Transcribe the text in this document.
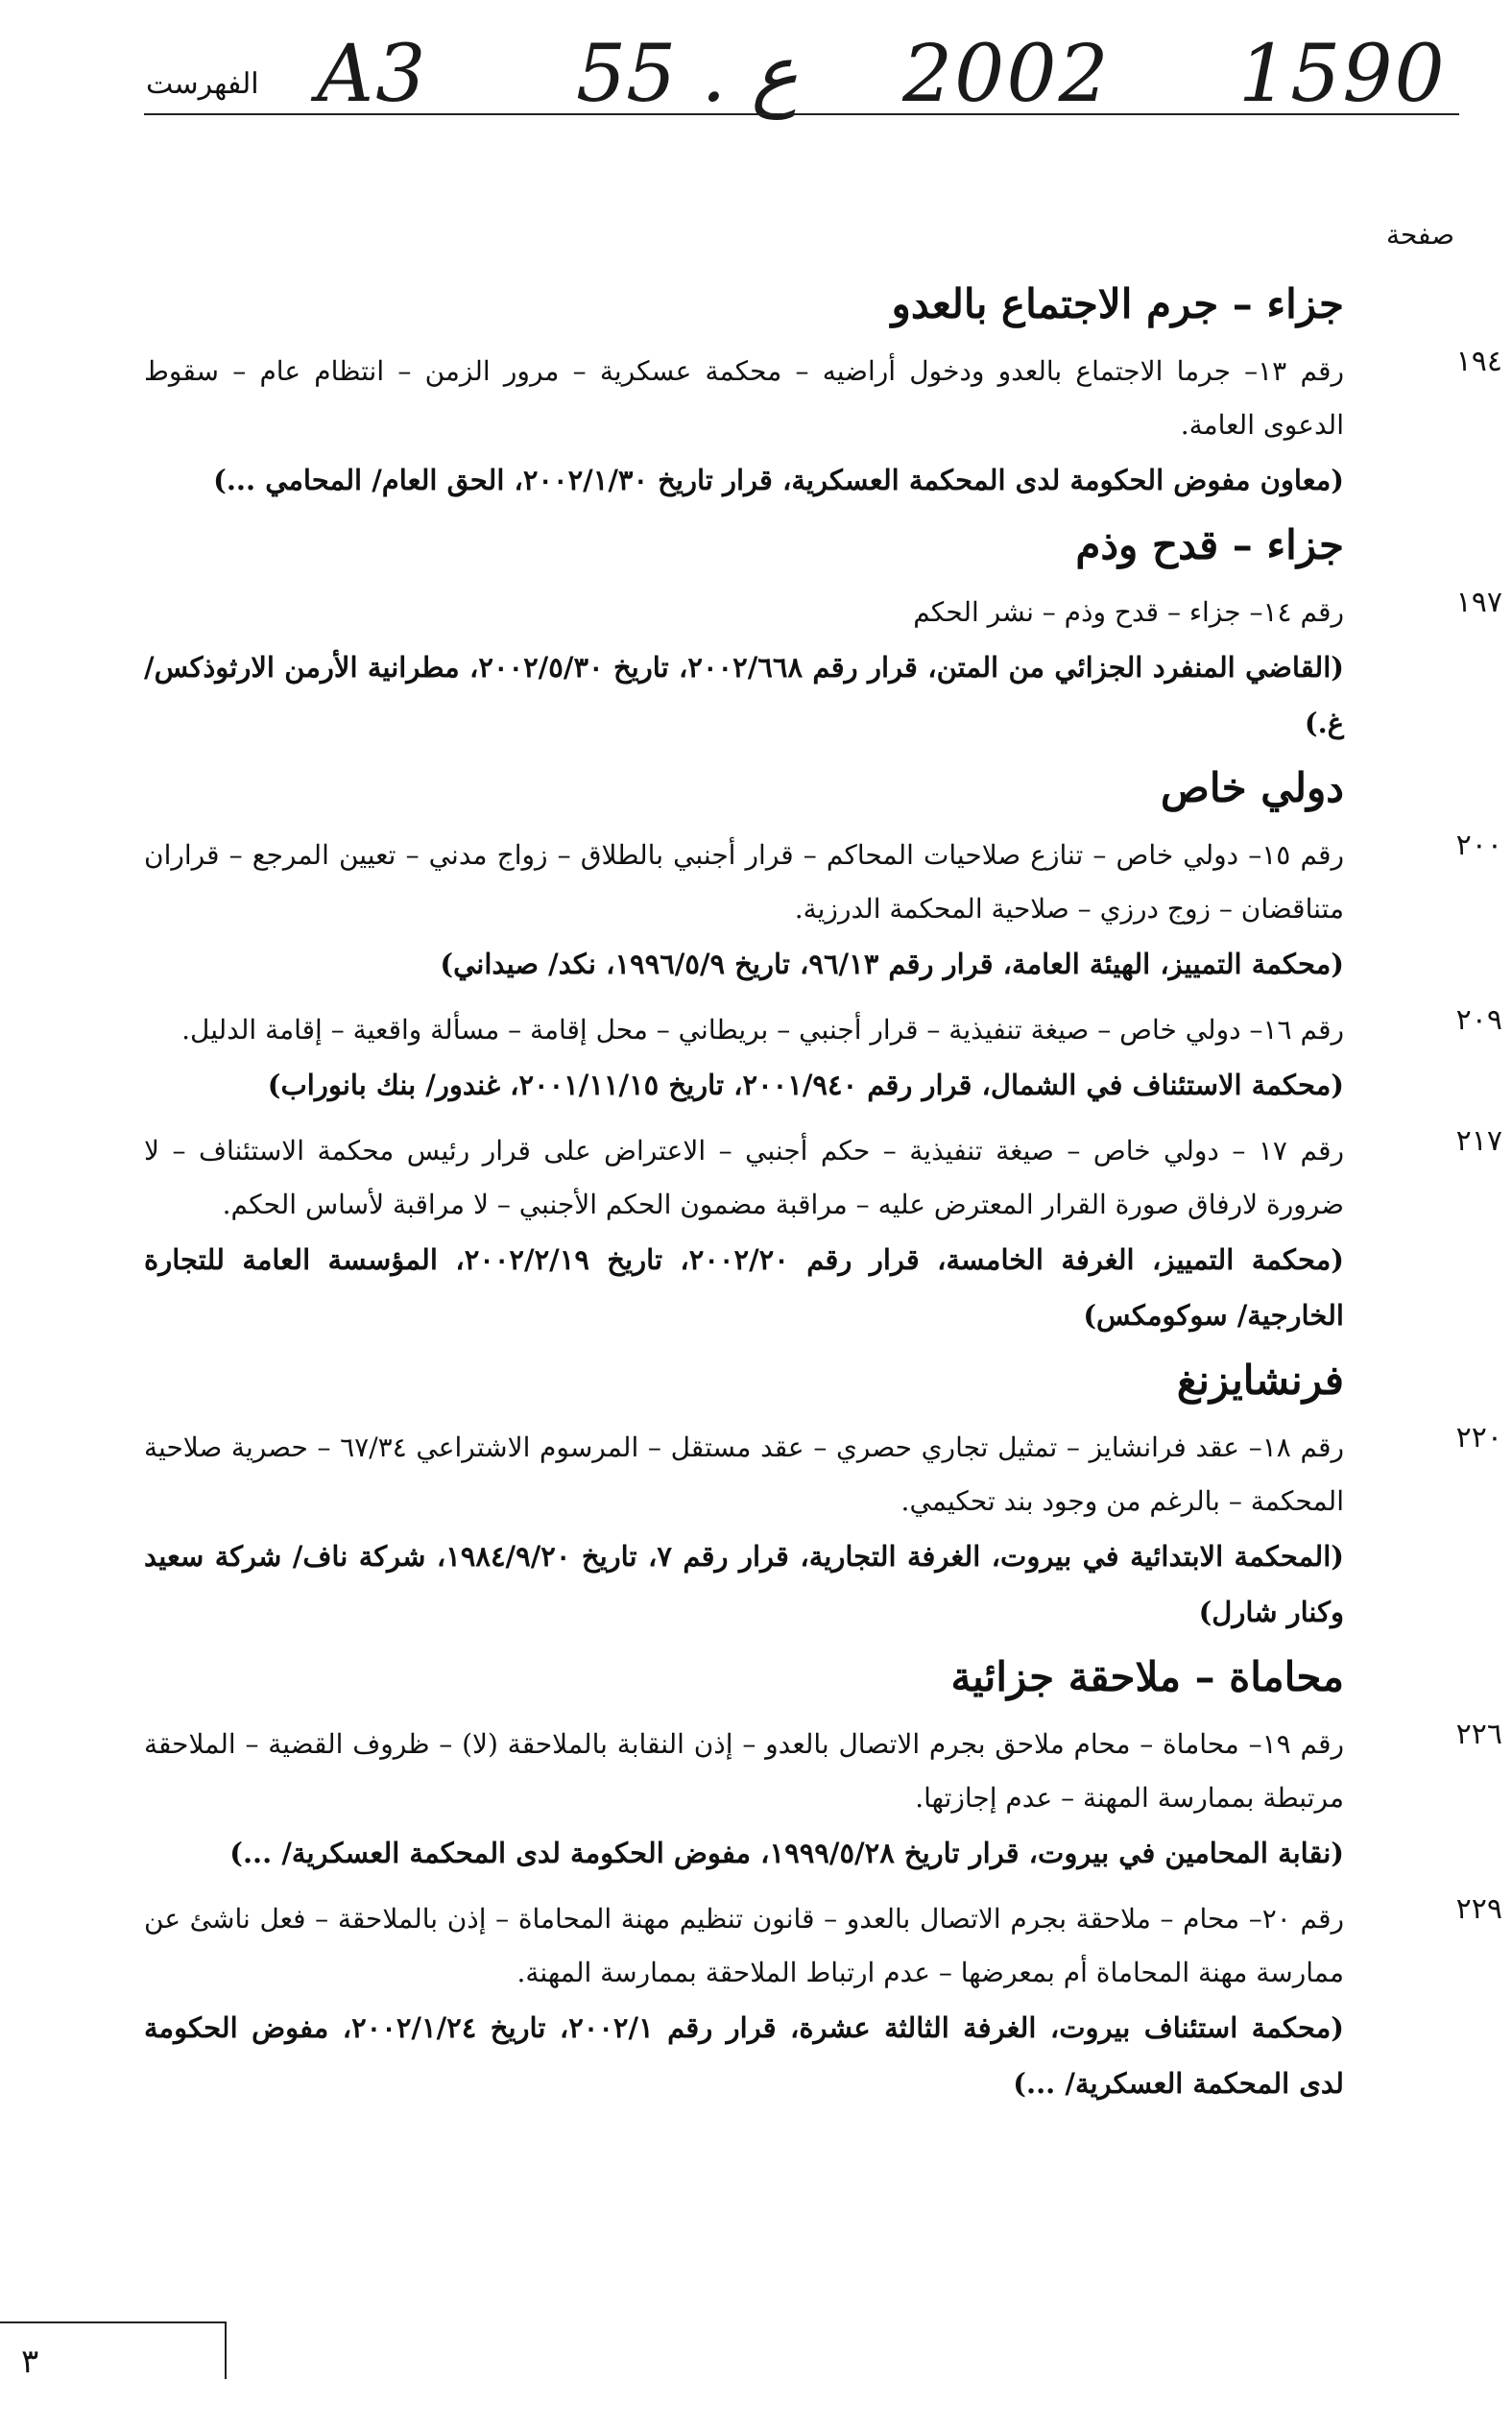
الفهرست A3 55 . ع 2002 1590
صفحة
جزاء – جرم الاجتماع بالعدو
١٩٤
رقم ١٣– جرما الاجتماع بالعدو ودخول أراضيه – محكمة عسكرية – مرور الزمن – انتظام عام – سقوط الدعوى العامة.
(معاون مفوض الحكومة لدى المحكمة العسكرية، قرار تاريخ ٢٠٠٢/١/٣٠، الحق العام/ المحامي ...)
جزاء – قدح وذم
١٩٧
رقم ١٤– جزاء – قدح وذم – نشر الحكم
(القاضي المنفرد الجزائي من المتن، قرار رقم ٢٠٠٢/٦٦٨، تاريخ ٢٠٠٢/٥/٣٠، مطرانية الأرمن الارثوذكس/ غ.)
دولي خاص
٢٠٠
رقم ١٥– دولي خاص – تنازع صلاحيات المحاكم – قرار أجنبي بالطلاق – زواج مدني – تعيين المرجع – قراران متناقضان – زوج درزي – صلاحية المحكمة الدرزية.
(محكمة التمييز، الهيئة العامة، قرار رقم ٩٦/١٣، تاريخ ١٩٩٦/٥/٩، نكد/ صيداني)
٢٠٩
رقم ١٦– دولي خاص – صيغة تنفيذية – قرار أجنبي – بريطاني – محل إقامة – مسألة واقعية – إقامة الدليل.
(محكمة الاستئناف في الشمال، قرار رقم ٢٠٠١/٩٤٠، تاريخ ٢٠٠١/١١/١٥، غندور/ بنك بانوراب)
٢١٧
رقم ١٧ – دولي خاص – صيغة تنفيذية – حكم أجنبي – الاعتراض على قرار رئيس محكمة الاستئناف – لا ضرورة لارفاق صورة القرار المعترض عليه – مراقبة مضمون الحكم الأجنبي – لا مراقبة لأساس الحكم.
(محكمة التمييز، الغرفة الخامسة، قرار رقم ٢٠٠٢/٢٠، تاريخ ٢٠٠٢/٢/١٩، المؤسسة العامة للتجارة الخارجية/ سوكومكس)
فرنشايزنغ
٢٢٠
رقم ١٨– عقد فرانشايز – تمثيل تجاري حصري – عقد مستقل – المرسوم الاشتراعي ٦٧/٣٤ – حصرية صلاحية المحكمة – بالرغم من وجود بند تحكيمي.
(المحكمة الابتدائية في بيروت، الغرفة التجارية، قرار رقم ٧، تاريخ ١٩٨٤/٩/٢٠، شركة ناف/ شركة سعيد وكنار شارل)
محاماة – ملاحقة جزائية
٢٢٦
رقم ١٩– محاماة – محام ملاحق بجرم الاتصال بالعدو – إذن النقابة بالملاحقة (لا) – ظروف القضية – الملاحقة مرتبطة بممارسة المهنة – عدم إجازتها.
(نقابة المحامين في بيروت، قرار تاريخ ١٩٩٩/٥/٢٨، مفوض الحكومة لدى المحكمة العسكرية/ ...)
٢٢٩
رقم ٢٠– محام – ملاحقة بجرم الاتصال بالعدو – قانون تنظيم مهنة المحاماة – إذن بالملاحقة – فعل ناشئ عن ممارسة مهنة المحاماة أم بمعرضها – عدم ارتباط الملاحقة بممارسة المهنة.
(محكمة استئناف بيروت، الغرفة الثالثة عشرة، قرار رقم ٢٠٠٢/١، تاريخ ٢٠٠٢/١/٢٤، مفوض الحكومة لدى المحكمة العسكرية/ ...)
٣
